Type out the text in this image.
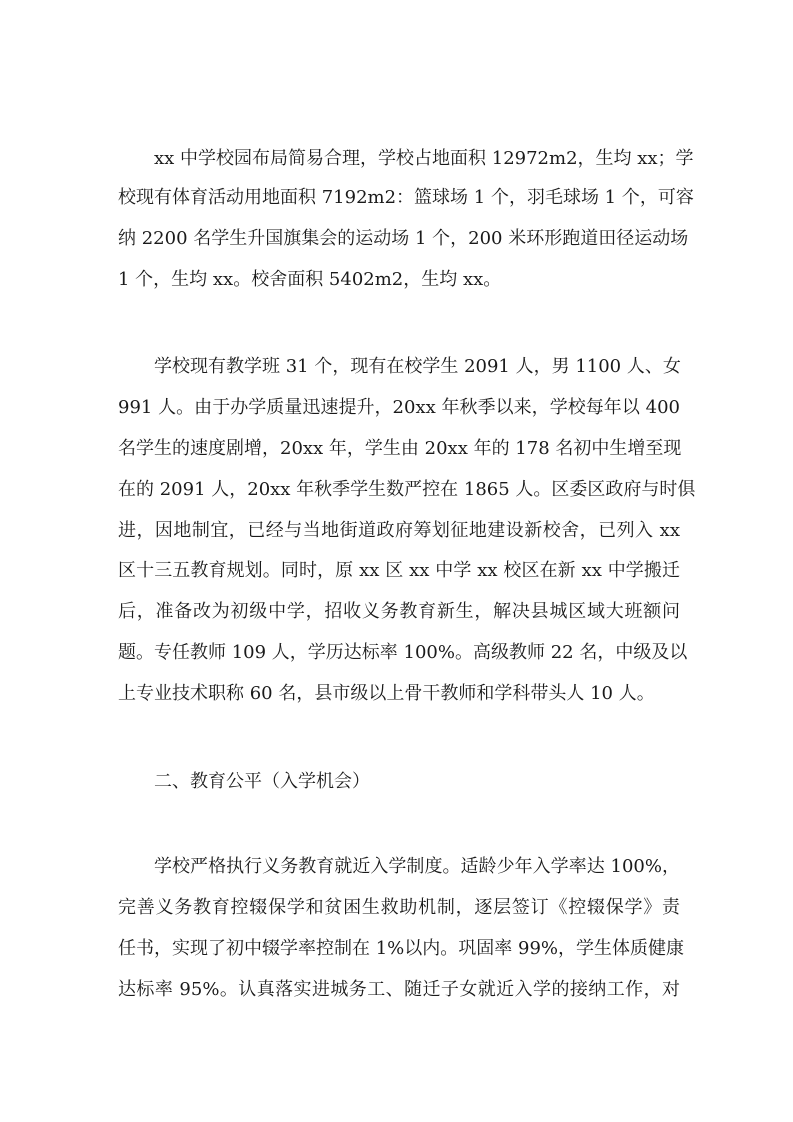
xx 中学校园布局简易合理，学校占地面积 12972m2，生均 xx；学
校现有体育活动用地面积 7192m2：篮球场 1 个，羽毛球场 1 个，可容
纳 2200 名学生升国旗集会的运动场 1 个，200 米环形跑道田径运动场
1 个，生均 xx。校舍面积 5402m2，生均 xx。
学校现有教学班 31 个，现有在校学生 2091 人，男 1100 人、女
991 人。由于办学质量迅速提升，20xx 年秋季以来，学校每年以 400
名学生的速度剧增，20xx 年，学生由 20xx 年的 178 名初中生增至现
在的 2091 人，20xx 年秋季学生数严控在 1865 人。区委区政府与时俱
进，因地制宜，已经与当地街道政府筹划征地建设新校舍，已列入 xx
区十三五教育规划。同时，原 xx 区 xx 中学 xx 校区在新 xx 中学搬迁
后，准备改为初级中学，招收义务教育新生，解决县城区域大班额问
题。专任教师 109 人，学历达标率 100%。高级教师 22 名，中级及以
上专业技术职称 60 名，县市级以上骨干教师和学科带头人 10 人。
二、教育公平（入学机会）
学校严格执行义务教育就近入学制度。适龄少年入学率达 100%，
完善义务教育控辍保学和贫困生救助机制，逐层签订《控辍保学》责
任书，实现了初中辍学率控制在 1%以内。巩固率 99%，学生体质健康
达标率 95%。认真落实进城务工、随迁子女就近入学的接纳工作，对
